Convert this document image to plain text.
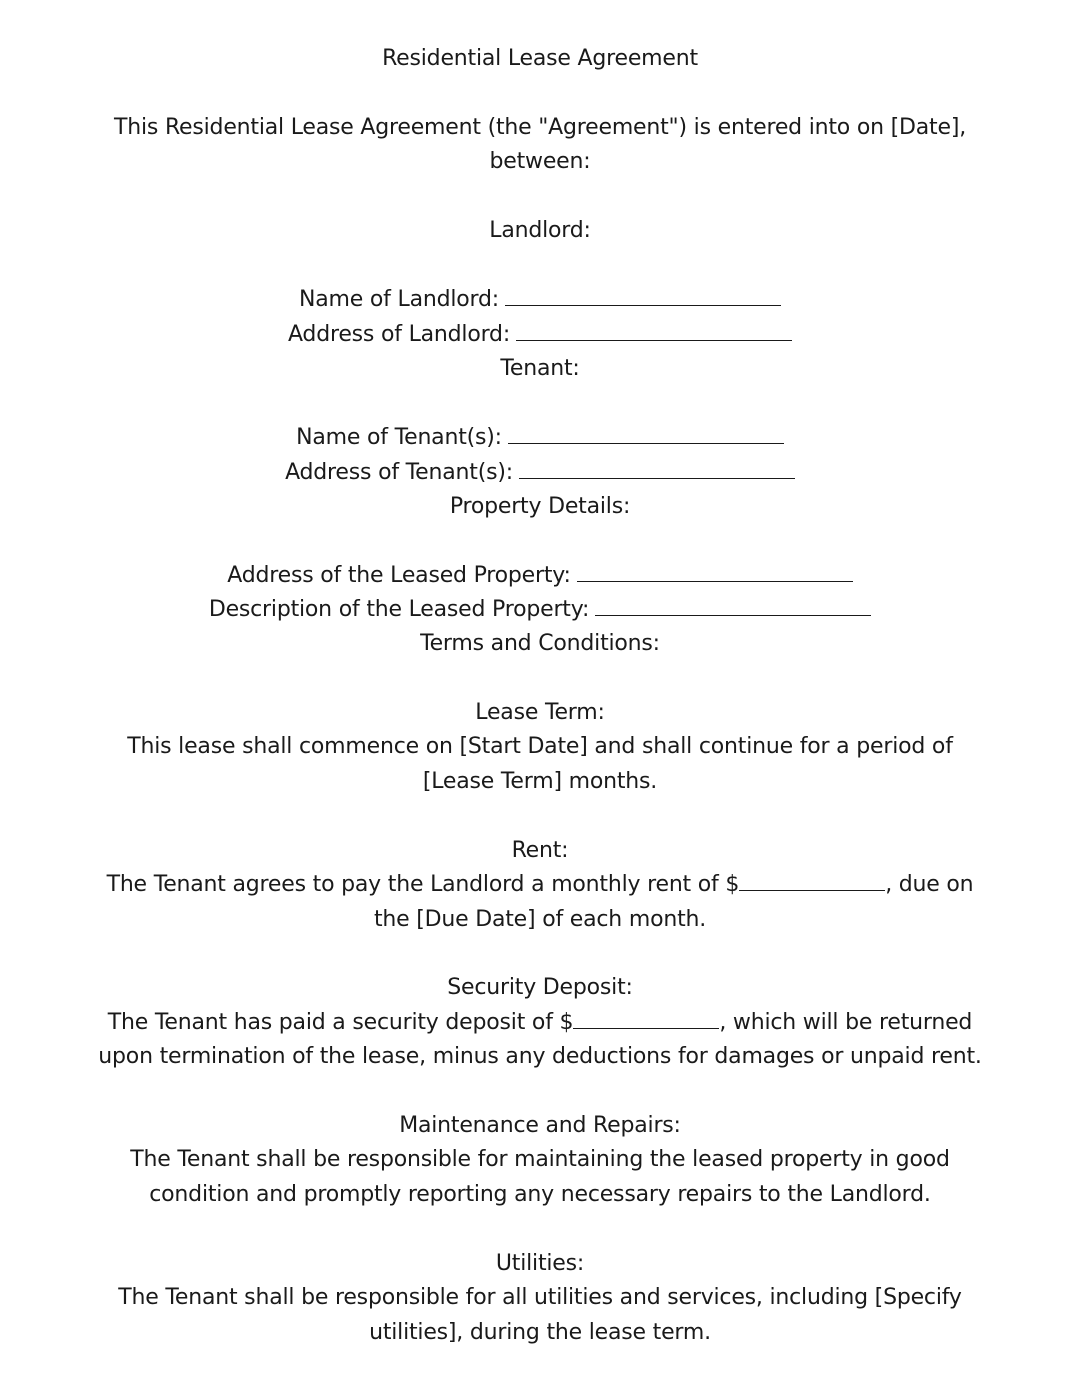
Residential Lease Agreement
This Residential Lease Agreement (the "Agreement") is entered into on [Date],
between:
Landlord:
Name of Landlord:
Address of Landlord:
Tenant:
Name of Tenant(s):
Address of Tenant(s):
Property Details:
Address of the Leased Property:
Description of the Leased Property:
Terms and Conditions:
Lease Term:
This lease shall commence on [Start Date] and shall continue for a period of
[Lease Term] months.
Rent:
The Tenant agrees to pay the Landlord a monthly rent of $	, due on
the [Due Date] of each month.
Security Deposit:
The Tenant has paid a security deposit of $	, which will be returned
upon termination of the lease, minus any deductions for damages or unpaid rent.
Maintenance and Repairs:
The Tenant shall be responsible for maintaining the leased property in good
condition and promptly reporting any necessary repairs to the Landlord.
Utilities:
The Tenant shall be responsible for all utilities and services, including [Specify
utilities], during the lease term.
